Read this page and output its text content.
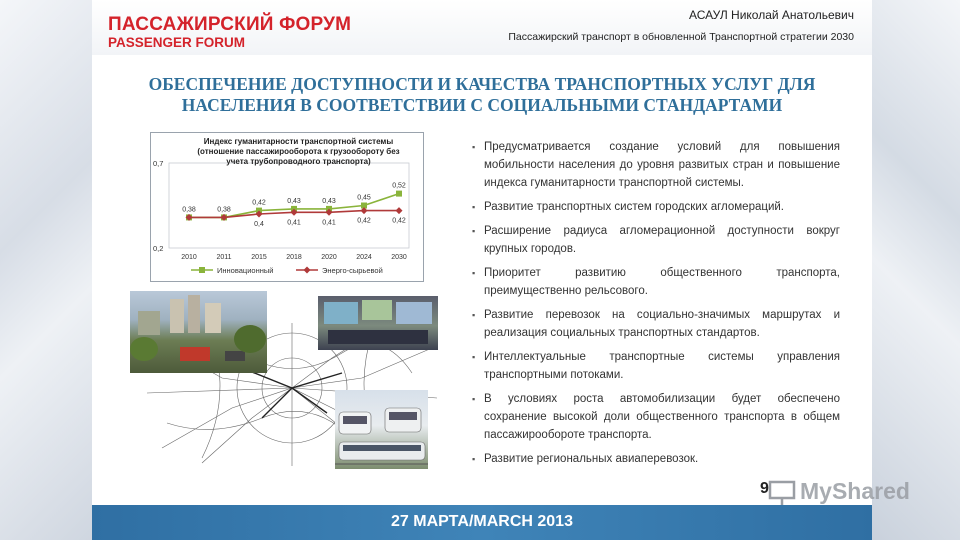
ПАССАЖИРСКИЙ ФОРУМ
PASSENGER FORUM
АСАУЛ Николай Анатольевич
Пассажирский транспорт в обновленной Транспортной стратегии 2030
ОБЕСПЕЧЕНИЕ ДОСТУПНОСТИ И КАЧЕСТВА ТРАНСПОРТНЫХ УСЛУГ ДЛЯ
НАСЕЛЕНИЯ В СООТВЕТСТВИИ С СОЦИАЛЬНЫМИ СТАНДАРТАМИ
0,2
0,7
2010	2011	2015	2018	2020	2024	2030
0,38	0,38
0,42	0,43	0,43	0,45
0,52
0,4	0,41	0,41	0,42	0,42
Инновационный	Энерго-сырьевой
Индекс гуманитарности транспортной системы (отношение пассажирооборота к грузообороту без учета трубопроводного транспорта)
▪ Предусматривается создание условий для повышения мобильности населения до уровня развитых стран и повышение индекса гуманитарности транспортной системы.
▪ Развитие транспортных систем городских агломераций.
▪ Расширение радиуса агломерационной доступности вокруг крупных городов.
▪ Приоритет развитию общественного транспорта, преимущественно рельсового.
▪ Развитие перевозок на социально-значимых маршрутах и реализация социальных транспортных стандартов.
▪ Интеллектуальные транспортные системы управления транспортными потоками.
▪ В условиях роста автомобилизации будет обеспечено сохранение высокой доли общественного транспорта в общем пассажирообороте транспорта.
▪ Развитие региональных авиаперевозок.
27 МАРТА/MARCH 2013
9 MyShared
